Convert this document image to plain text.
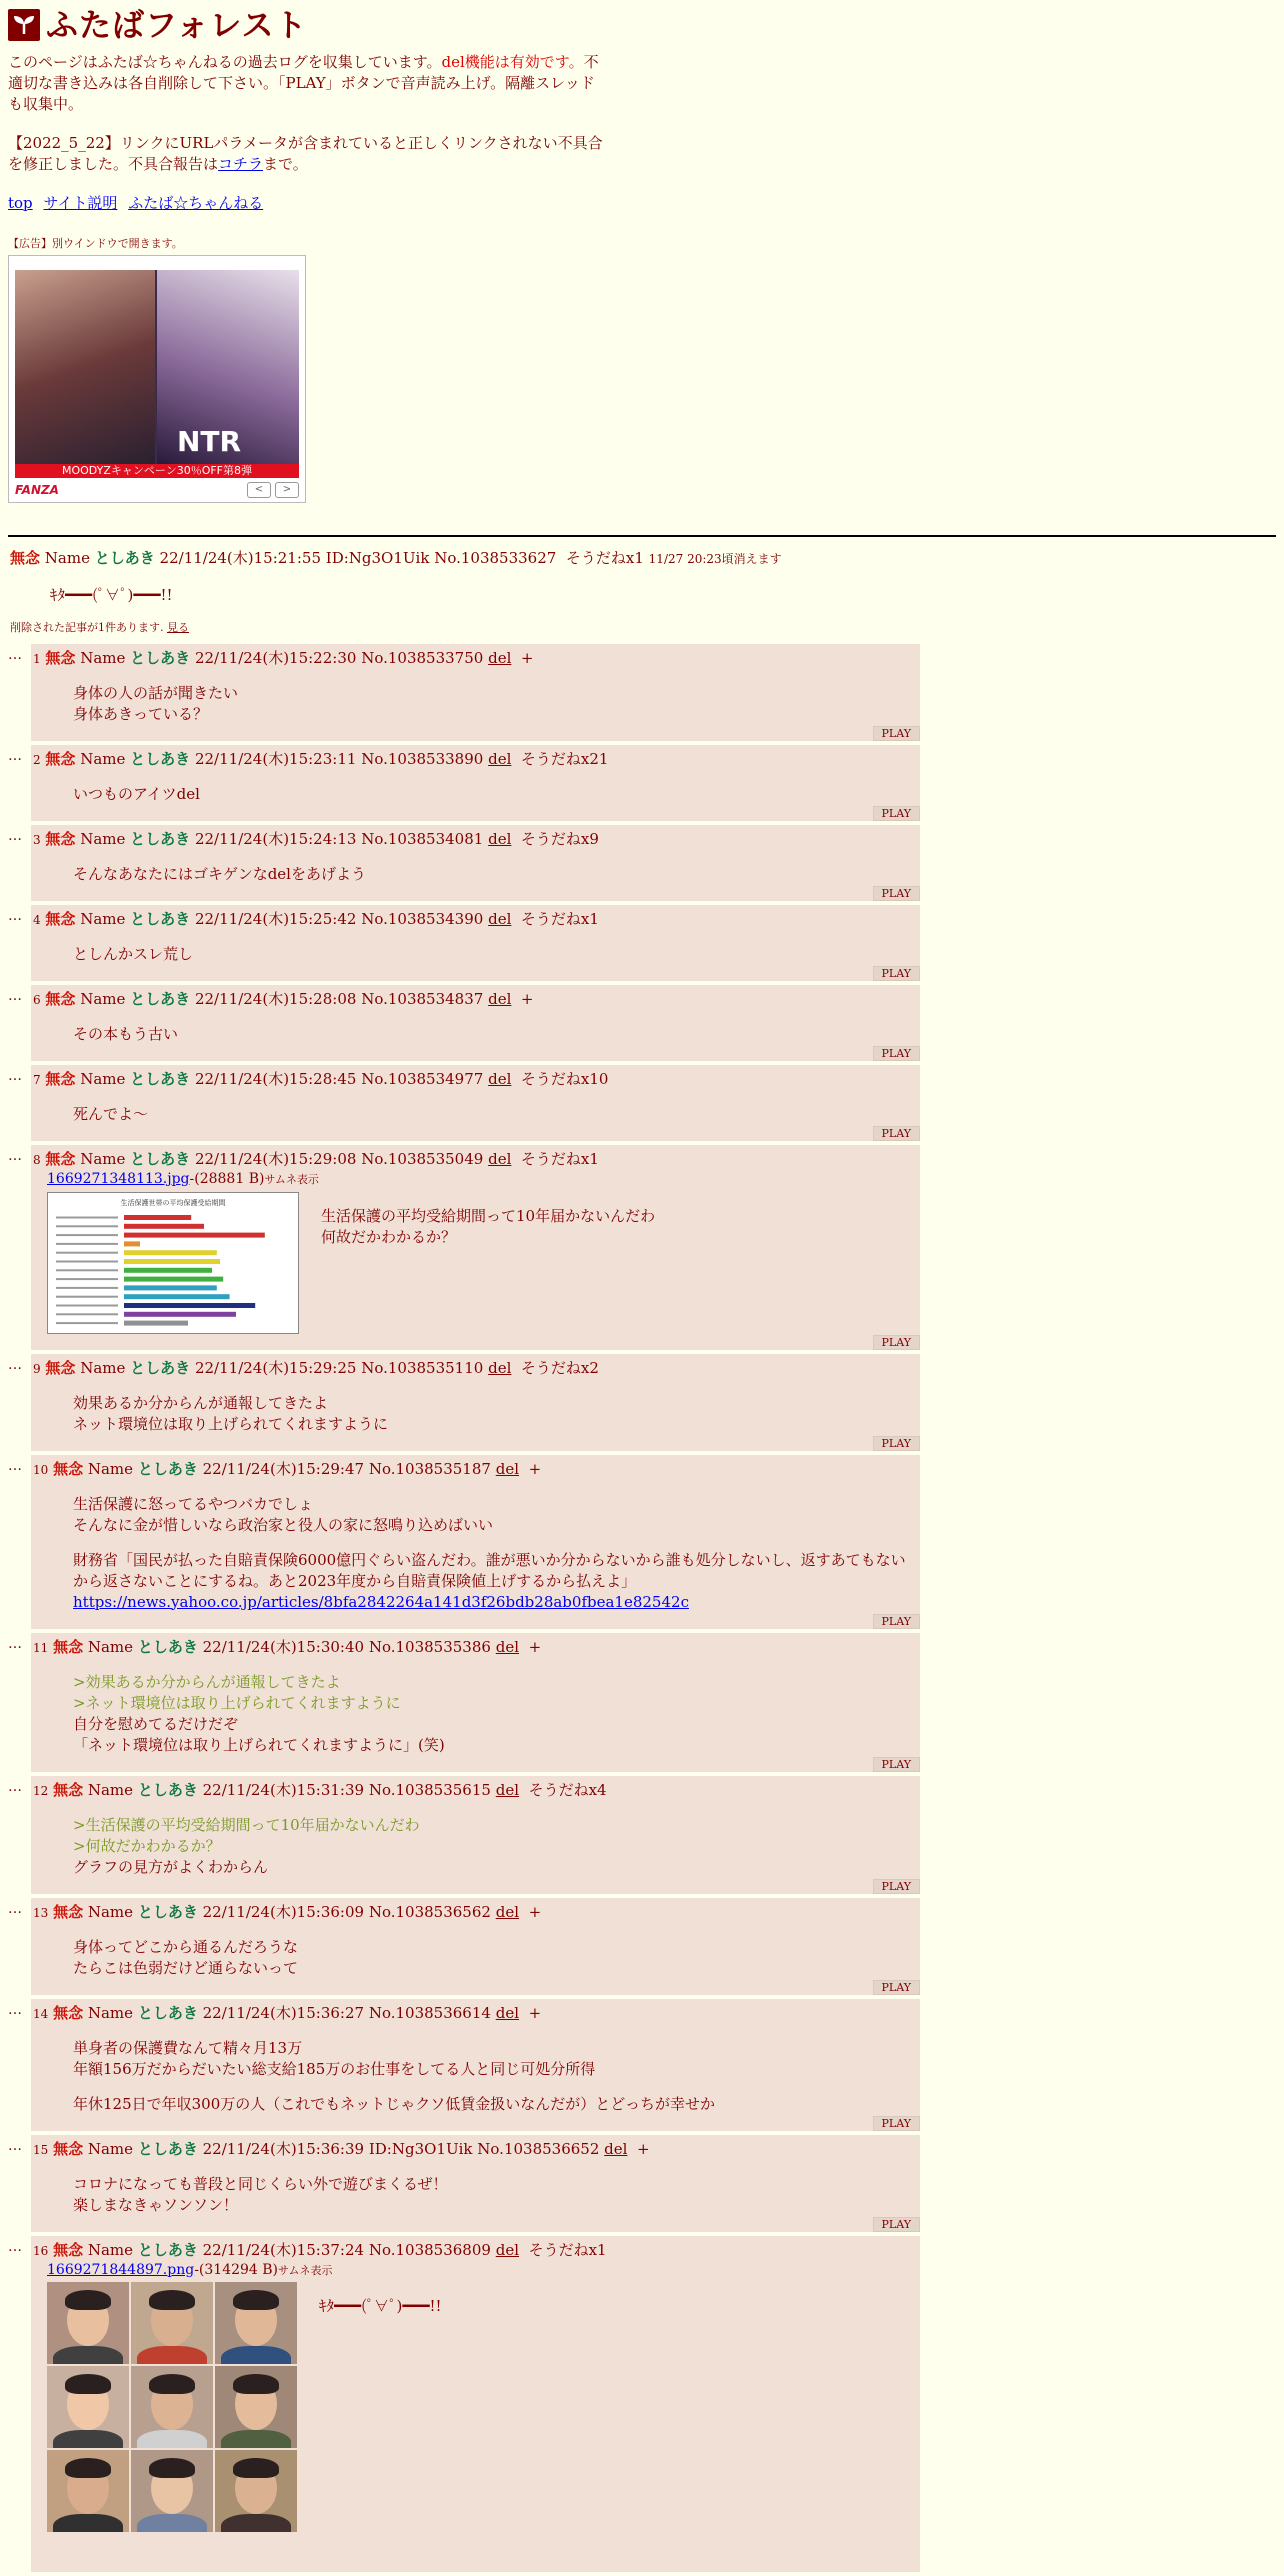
ふたばフォレスト
このページはふたば☆ちゃんねるの過去ログを収集しています。del機能は有効です。不適切な書き込みは各自削除して下さい。「PLAY」ボタンで音声読み上げ。隔離スレッドも収集中。
【2022_5_22】リンクにURLパラメータが含まれていると正しくリンクされない不具合を修正しました。不具合報告はコチラまで。
top サイト説明 ふたば☆ちゃんねる
【広告】別ウインドウで開きます。
NTR
MOODYZキャンペーン30％OFF第8弾
FANZA	<	>
無念 Name としあき 22/11/24(木)15:21:55 ID:Ng3O1Uik No.1038533627 そうだねx1 11/27 20:23頃消えます
ｷﾀ━━━(ﾟ∀ﾟ)━━━!!
削除された記事が1件あります. 見る
… 1 無念 Name としあき 22/11/24(木)15:22:30 No.1038533750 del +
身体の人の話が聞きたい
身体あきっている？
PLAY
… 2 無念 Name としあき 22/11/24(木)15:23:11 No.1038533890 del そうだねx21
いつものアイツdel
PLAY
… 3 無念 Name としあき 22/11/24(木)15:24:13 No.1038534081 del そうだねx9
そんなあなたにはゴキゲンなdelをあげよう
PLAY
… 4 無念 Name としあき 22/11/24(木)15:25:42 No.1038534390 del そうだねx1
としんかスレ荒し
PLAY
… 6 無念 Name としあき 22/11/24(木)15:28:08 No.1038534837 del +
その本もう古い
PLAY
… 7 無念 Name としあき 22/11/24(木)15:28:45 No.1038534977 del そうだねx10
死んでよ〜
PLAY
… 8 無念 Name としあき 22/11/24(木)15:29:08 No.1038535049 del そうだねx1
1669271348113.jpg-(28881 B)サムネ表示
生活保護世帯の平均保護受給期間
生活保護の平均受給期間って10年届かないんだわ
何故だかわかるか？
PLAY
… 9 無念 Name としあき 22/11/24(木)15:29:25 No.1038535110 del そうだねx2
効果あるか分からんが通報してきたよ
ネット環境位は取り上げられてくれますように
PLAY
… 10 無念 Name としあき 22/11/24(木)15:29:47 No.1038535187 del +
生活保護に怒ってるやつバカでしょ
そんなに金が惜しいなら政治家と役人の家に怒鳴り込めばいい
財務省「国民が払った自賠責保険6000億円ぐらい盗んだわ。誰が悪いか分からないから誰も処分しないし、返すあてもないから返さないことにするね。あと2023年度から自賠責保険値上げするから払えよ」
https://news.yahoo.co.jp/articles/8bfa2842264a141d3f26bdb28ab0fbea1e82542c
PLAY
… 11 無念 Name としあき 22/11/24(木)15:30:40 No.1038535386 del +
>効果あるか分からんが通報してきたよ
>ネット環境位は取り上げられてくれますように
自分を慰めてるだけだぞ
「ネット環境位は取り上げられてくれますように」(笑)
PLAY
… 12 無念 Name としあき 22/11/24(木)15:31:39 No.1038535615 del そうだねx4
>生活保護の平均受給期間って10年届かないんだわ
>何故だかわかるか？
グラフの見方がよくわからん
PLAY
… 13 無念 Name としあき 22/11/24(木)15:36:09 No.1038536562 del +
身体ってどこから通るんだろうな
たらこは色弱だけど通らないって
PLAY
… 14 無念 Name としあき 22/11/24(木)15:36:27 No.1038536614 del +
単身者の保護費なんて精々月13万
年額156万だからだいたい総支給185万のお仕事をしてる人と同じ可処分所得
年休125日で年収300万の人（これでもネットじゃクソ低賃金扱いなんだが）とどっちが幸せか
PLAY
… 15 無念 Name としあき 22/11/24(木)15:36:39 ID:Ng3O1Uik No.1038536652 del +
コロナになっても普段と同じくらい外で遊びまくるぜ！
楽しまなきゃソンソン！
PLAY
… 16 無念 Name としあき 22/11/24(木)15:37:24 No.1038536809 del そうだねx1
1669271844897.png-(314294 B)サムネ表示
ｷﾀ━━━(ﾟ∀ﾟ)━━━!!
